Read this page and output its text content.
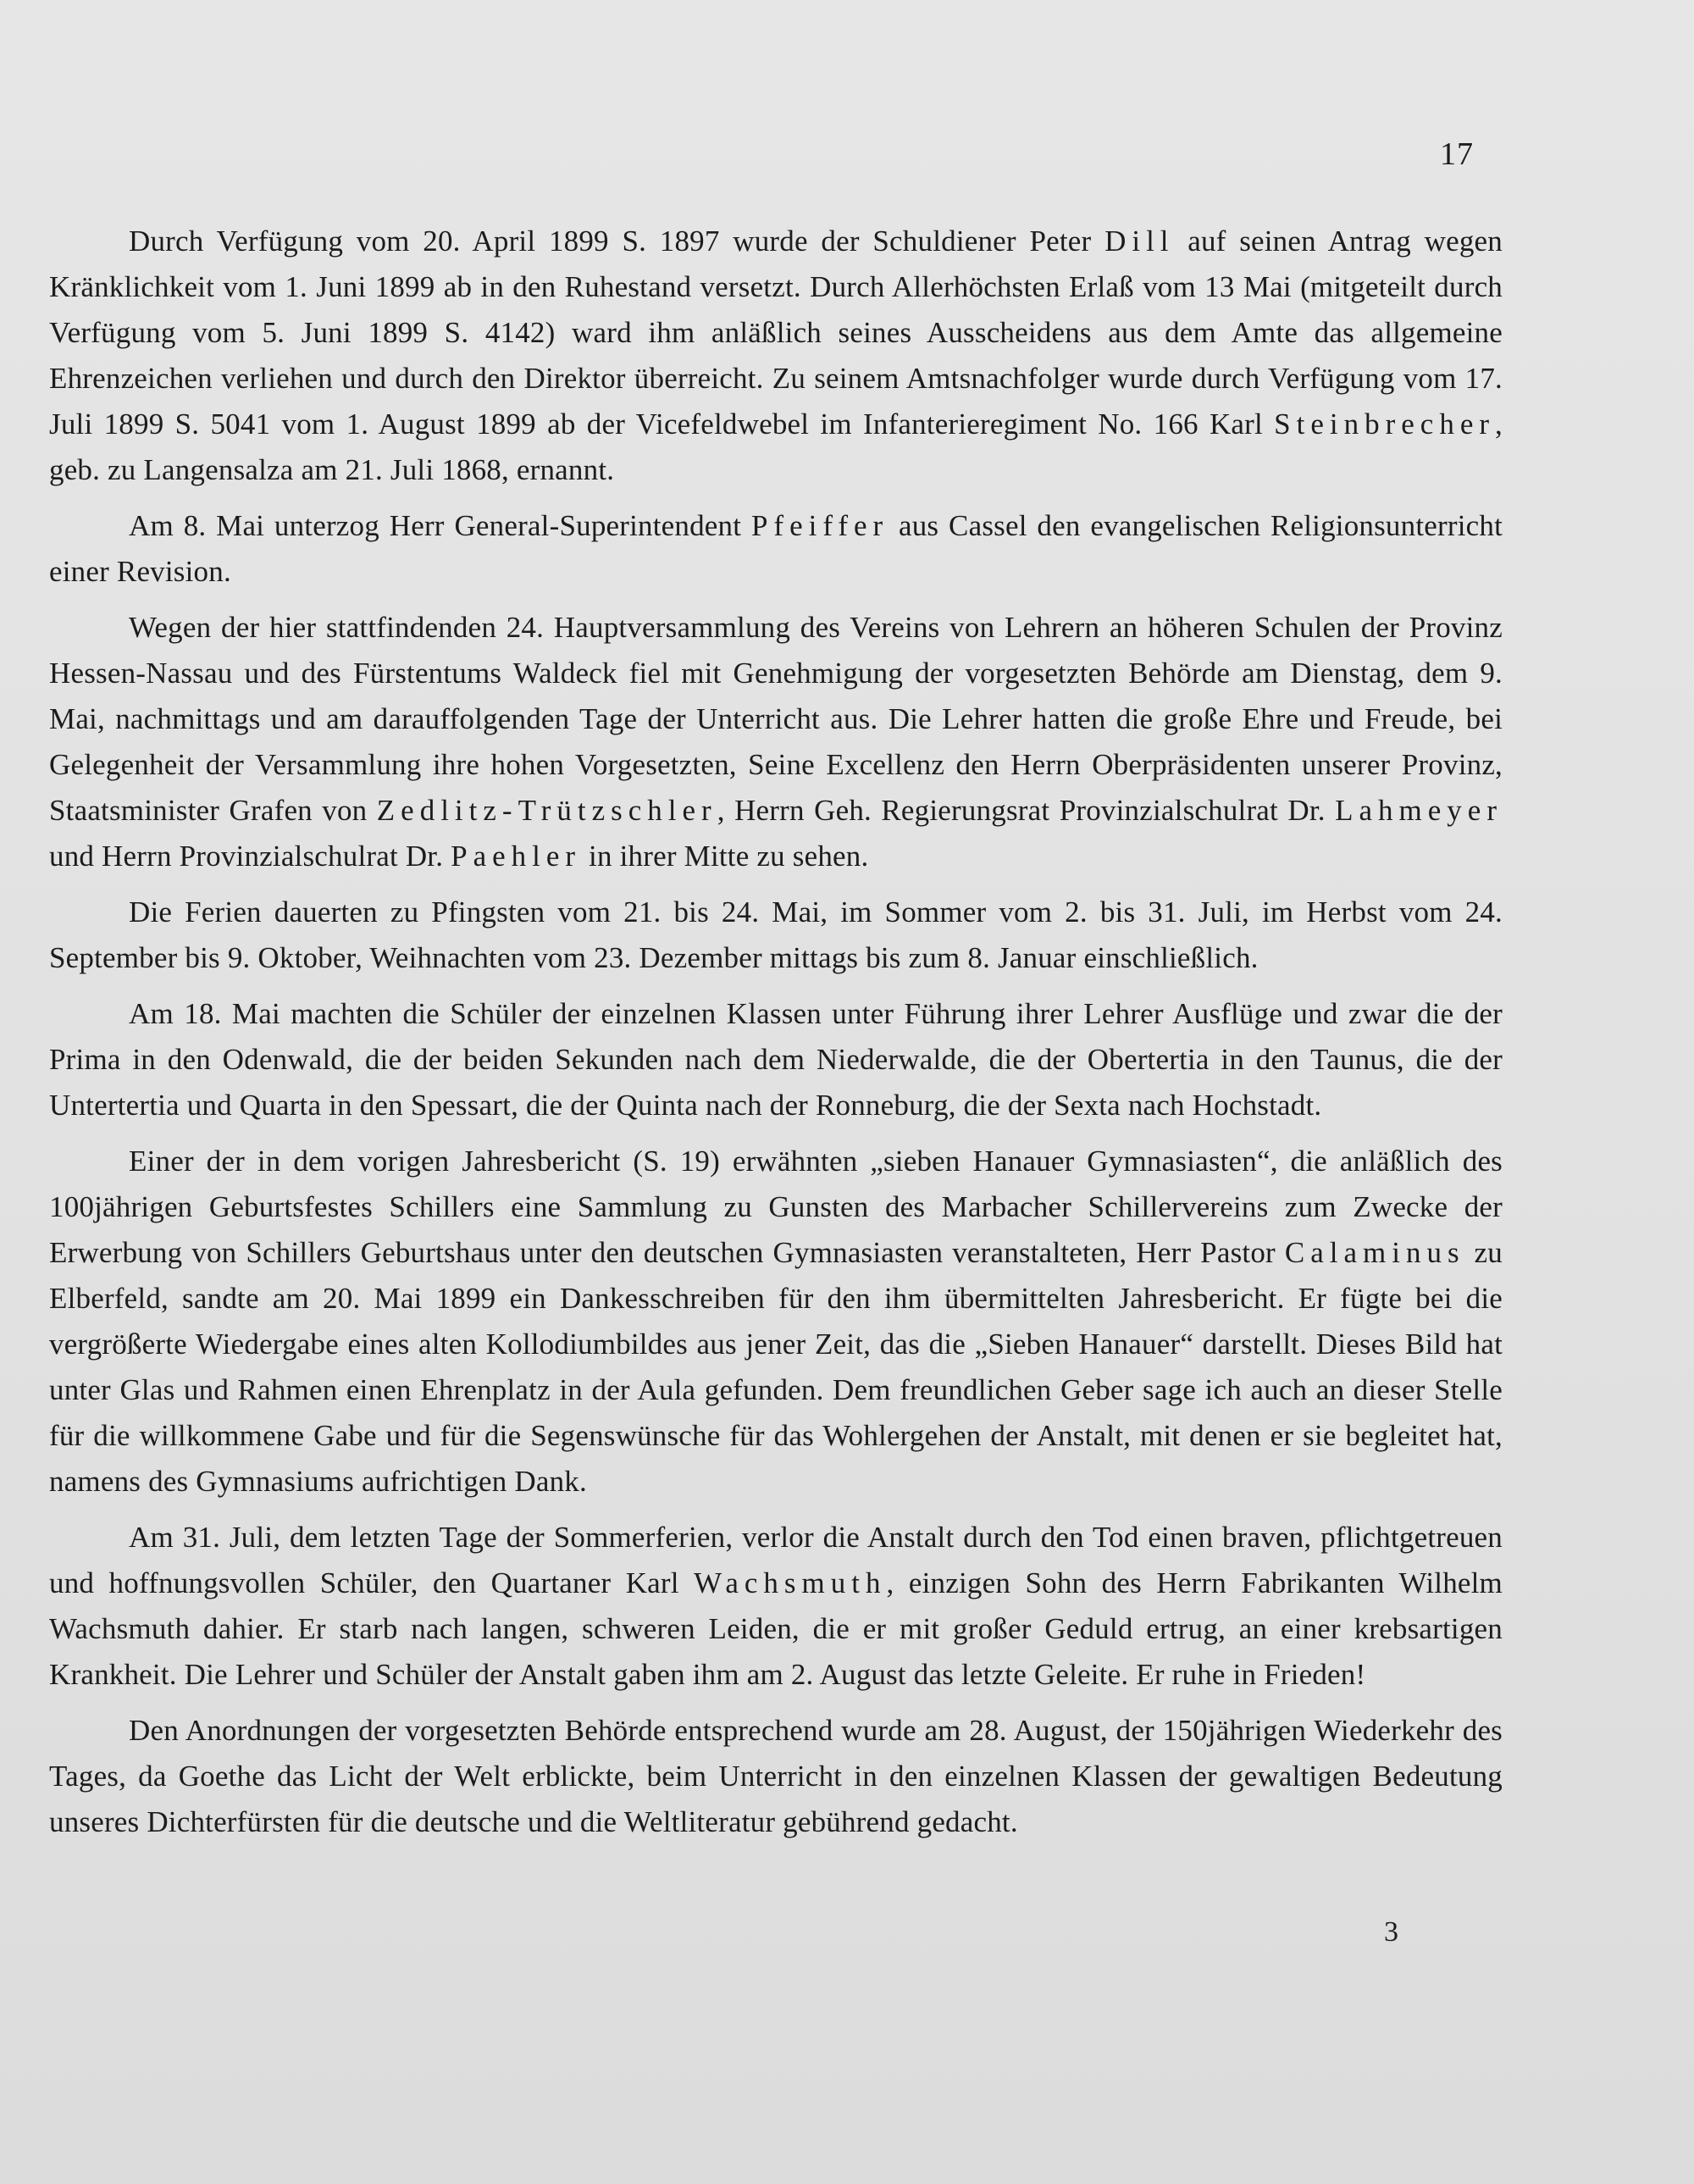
17

Durch Verfügung vom 20. April 1899 S. 1897 wurde der Schuldiener Peter Dill auf seinen Antrag wegen Kränklichkeit vom 1. Juni 1899 ab in den Ruhestand versetzt. Durch Allerhöchsten Erlaß vom 13 Mai (mitgeteilt durch Verfügung vom 5. Juni 1899 S. 4142) ward ihm anläßlich seines Ausscheidens aus dem Amte das allgemeine Ehrenzeichen verliehen und durch den Direktor überreicht. Zu seinem Amtsnachfolger wurde durch Verfügung vom 17. Juli 1899 S. 5041 vom 1. August 1899 ab der Vicefeldwebel im Infanterieregiment No. 166 Karl Steinbrecher, geb. zu Langensalza am 21. Juli 1868, ernannt.

Am 8. Mai unterzog Herr General-Superintendent Pfeiffer aus Cassel den evangelischen Religionsunterricht einer Revision.

Wegen der hier stattfindenden 24. Hauptversammlung des Vereins von Lehrern an höheren Schulen der Provinz Hessen-Nassau und des Fürstentums Waldeck fiel mit Genehmigung der vorgesetzten Behörde am Dienstag, dem 9. Mai, nachmittags und am darauffolgenden Tage der Unterricht aus. Die Lehrer hatten die große Ehre und Freude, bei Gelegenheit der Versammlung ihre hohen Vorgesetzten, Seine Excellenz den Herrn Oberpräsidenten unserer Provinz, Staatsminister Grafen von Zedlitz-Trützschler, Herrn Geh. Regierungsrat Provinzialschulrat Dr. Lahmeyer und Herrn Provinzialschulrat Dr. Paehler in ihrer Mitte zu sehen.

Die Ferien dauerten zu Pfingsten vom 21. bis 24. Mai, im Sommer vom 2. bis 31. Juli, im Herbst vom 24. September bis 9. Oktober, Weihnachten vom 23. Dezember mittags bis zum 8. Januar einschließlich.

Am 18. Mai machten die Schüler der einzelnen Klassen unter Führung ihrer Lehrer Ausflüge und zwar die der Prima in den Odenwald, die der beiden Sekunden nach dem Niederwalde, die der Obertertia in den Taunus, die der Untertertia und Quarta in den Spessart, die der Quinta nach der Ronneburg, die der Sexta nach Hochstadt.

Einer der in dem vorigen Jahresbericht (S. 19) erwähnten „sieben Hanauer Gymnasiasten“, die anläßlich des 100jährigen Geburtsfestes Schillers eine Sammlung zu Gunsten des Marbacher Schillervereins zum Zwecke der Erwerbung von Schillers Geburtshaus unter den deutschen Gymnasiasten veranstalteten, Herr Pastor Calaminus zu Elberfeld, sandte am 20. Mai 1899 ein Dankesschreiben für den ihm übermittelten Jahresbericht. Er fügte bei die vergrößerte Wiedergabe eines alten Kollodiumbildes aus jener Zeit, das die „Sieben Hanauer“ darstellt. Dieses Bild hat unter Glas und Rahmen einen Ehrenplatz in der Aula gefunden. Dem freundlichen Geber sage ich auch an dieser Stelle für die willkommene Gabe und für die Segenswünsche für das Wohlergehen der Anstalt, mit denen er sie begleitet hat, namens des Gymnasiums aufrichtigen Dank.

Am 31. Juli, dem letzten Tage der Sommerferien, verlor die Anstalt durch den Tod einen braven, pflichtgetreuen und hoffnungsvollen Schüler, den Quartaner Karl Wachsmuth, einzigen Sohn des Herrn Fabrikanten Wilhelm Wachsmuth dahier. Er starb nach langen, schweren Leiden, die er mit großer Geduld ertrug, an einer krebsartigen Krankheit. Die Lehrer und Schüler der Anstalt gaben ihm am 2. August das letzte Geleite. Er ruhe in Frieden!

Den Anordnungen der vorgesetzten Behörde entsprechend wurde am 28. August, der 150jährigen Wiederkehr des Tages, da Goethe das Licht der Welt erblickte, beim Unterricht in den einzelnen Klassen der gewaltigen Bedeutung unseres Dichterfürsten für die deutsche und die Weltliteratur gebührend gedacht.

3
